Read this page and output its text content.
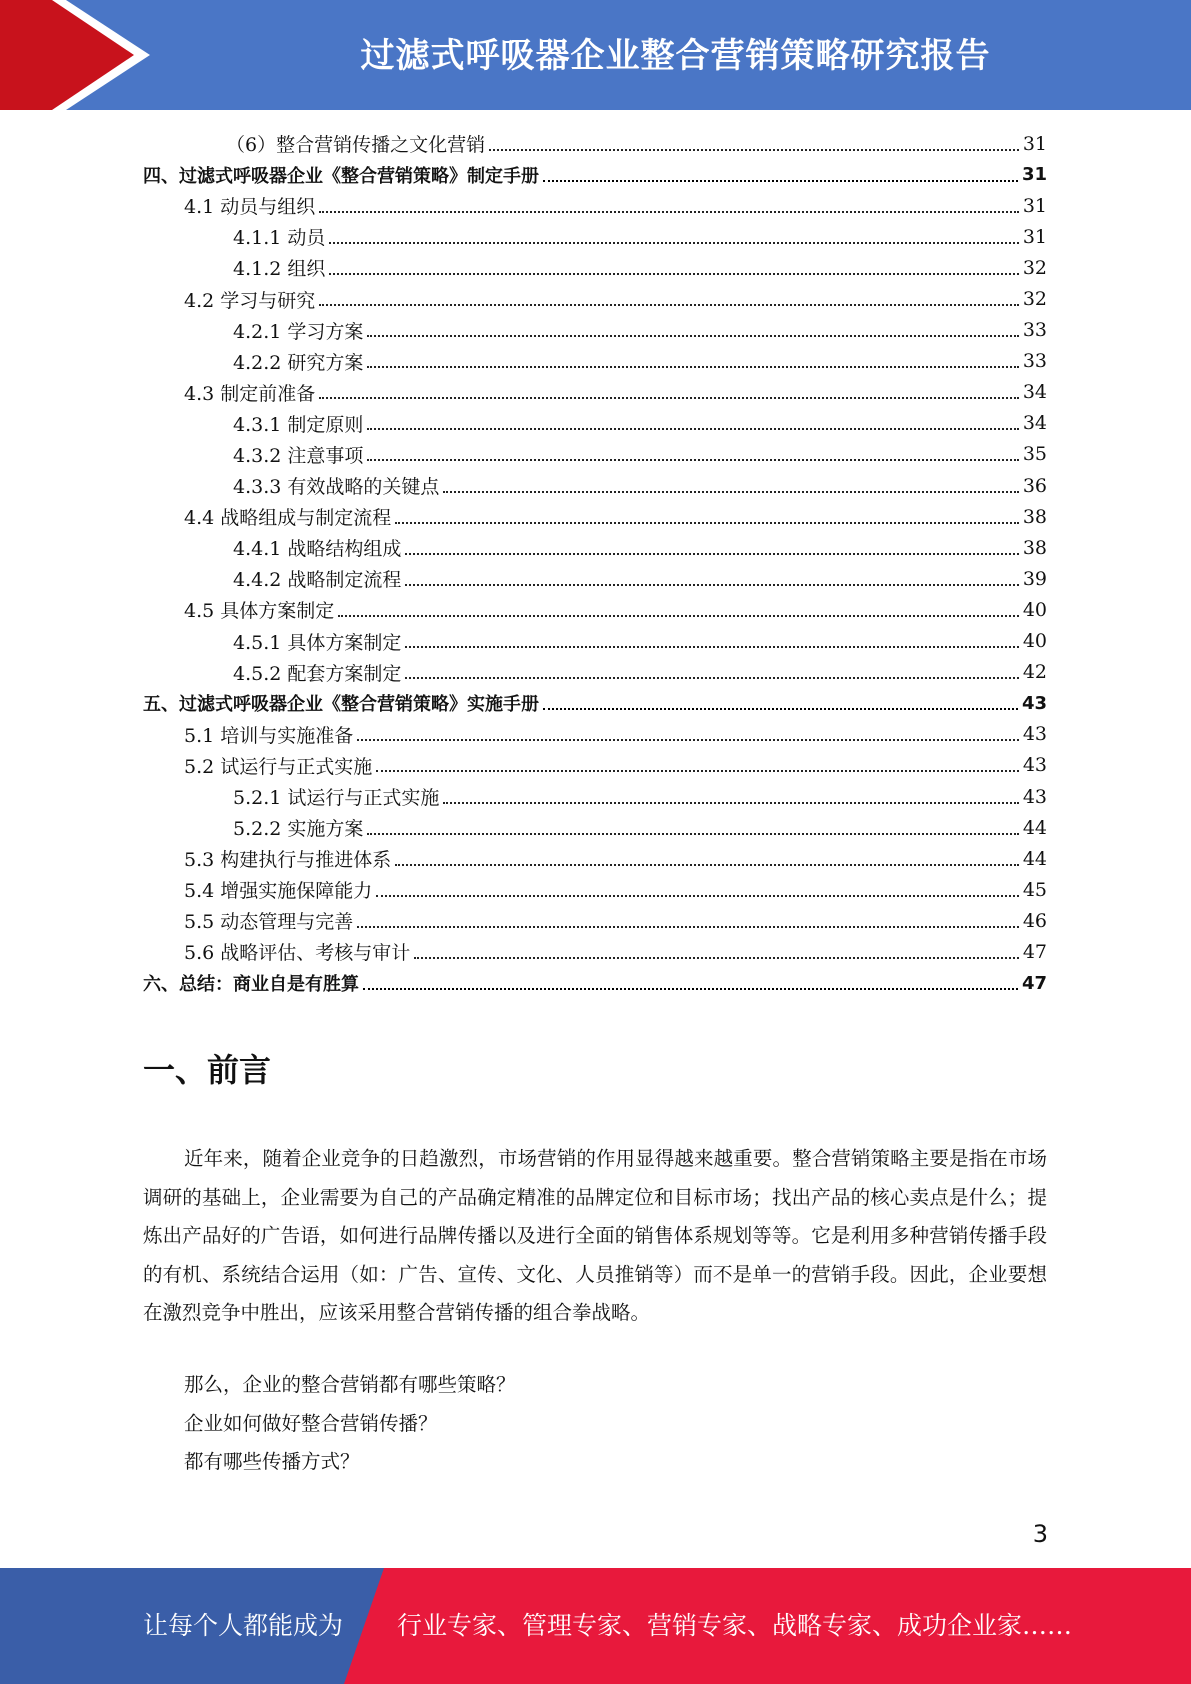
过滤式呼吸器企业整合营销策略研究报告
（6）整合营销传播之文化营销	31
四、过滤式呼吸器企业《整合营销策略》制定手册	31
4.1 动员与组织	31
4.1.1 动员	31
4.1.2 组织	32
4.2 学习与研究	32
4.2.1 学习方案	33
4.2.2 研究方案	33
4.3 制定前准备	34
4.3.1 制定原则	34
4.3.2 注意事项	35
4.3.3 有效战略的关键点	36
4.4 战略组成与制定流程	38
4.4.1 战略结构组成	38
4.4.2 战略制定流程	39
4.5 具体方案制定	40
4.5.1 具体方案制定	40
4.5.2 配套方案制定	42
五、过滤式呼吸器企业《整合营销策略》实施手册	43
5.1 培训与实施准备	43
5.2 试运行与正式实施	43
5.2.1 试运行与正式实施	43
5.2.2 实施方案	44
5.3 构建执行与推进体系	44
5.4 增强实施保障能力	45
5.5 动态管理与完善	46
5.6 战略评估、考核与审计	47
六、总结：商业自是有胜算	47
一、前言
近年来，随着企业竞争的日趋激烈，市场营销的作用显得越来越重要。整合营销策略主要是指在市场调研的基础上，企业需要为自己的产品确定精准的品牌定位和目标市场；找出产品的核心卖点是什么；提炼出产品好的广告语，如何进行品牌传播以及进行全面的销售体系规划等等。它是利用多种营销传播手段的有机、系统结合运用（如：广告、宣传、文化、人员推销等）而不是单一的营销手段。因此，企业要想在激烈竞争中胜出，应该采用整合营销传播的组合拳战略。
那么，企业的整合营销都有哪些策略？
企业如何做好整合营销传播？
都有哪些传播方式？
3
让每个人都能成为 行业专家、管理专家、营销专家、战略专家、成功企业家……
